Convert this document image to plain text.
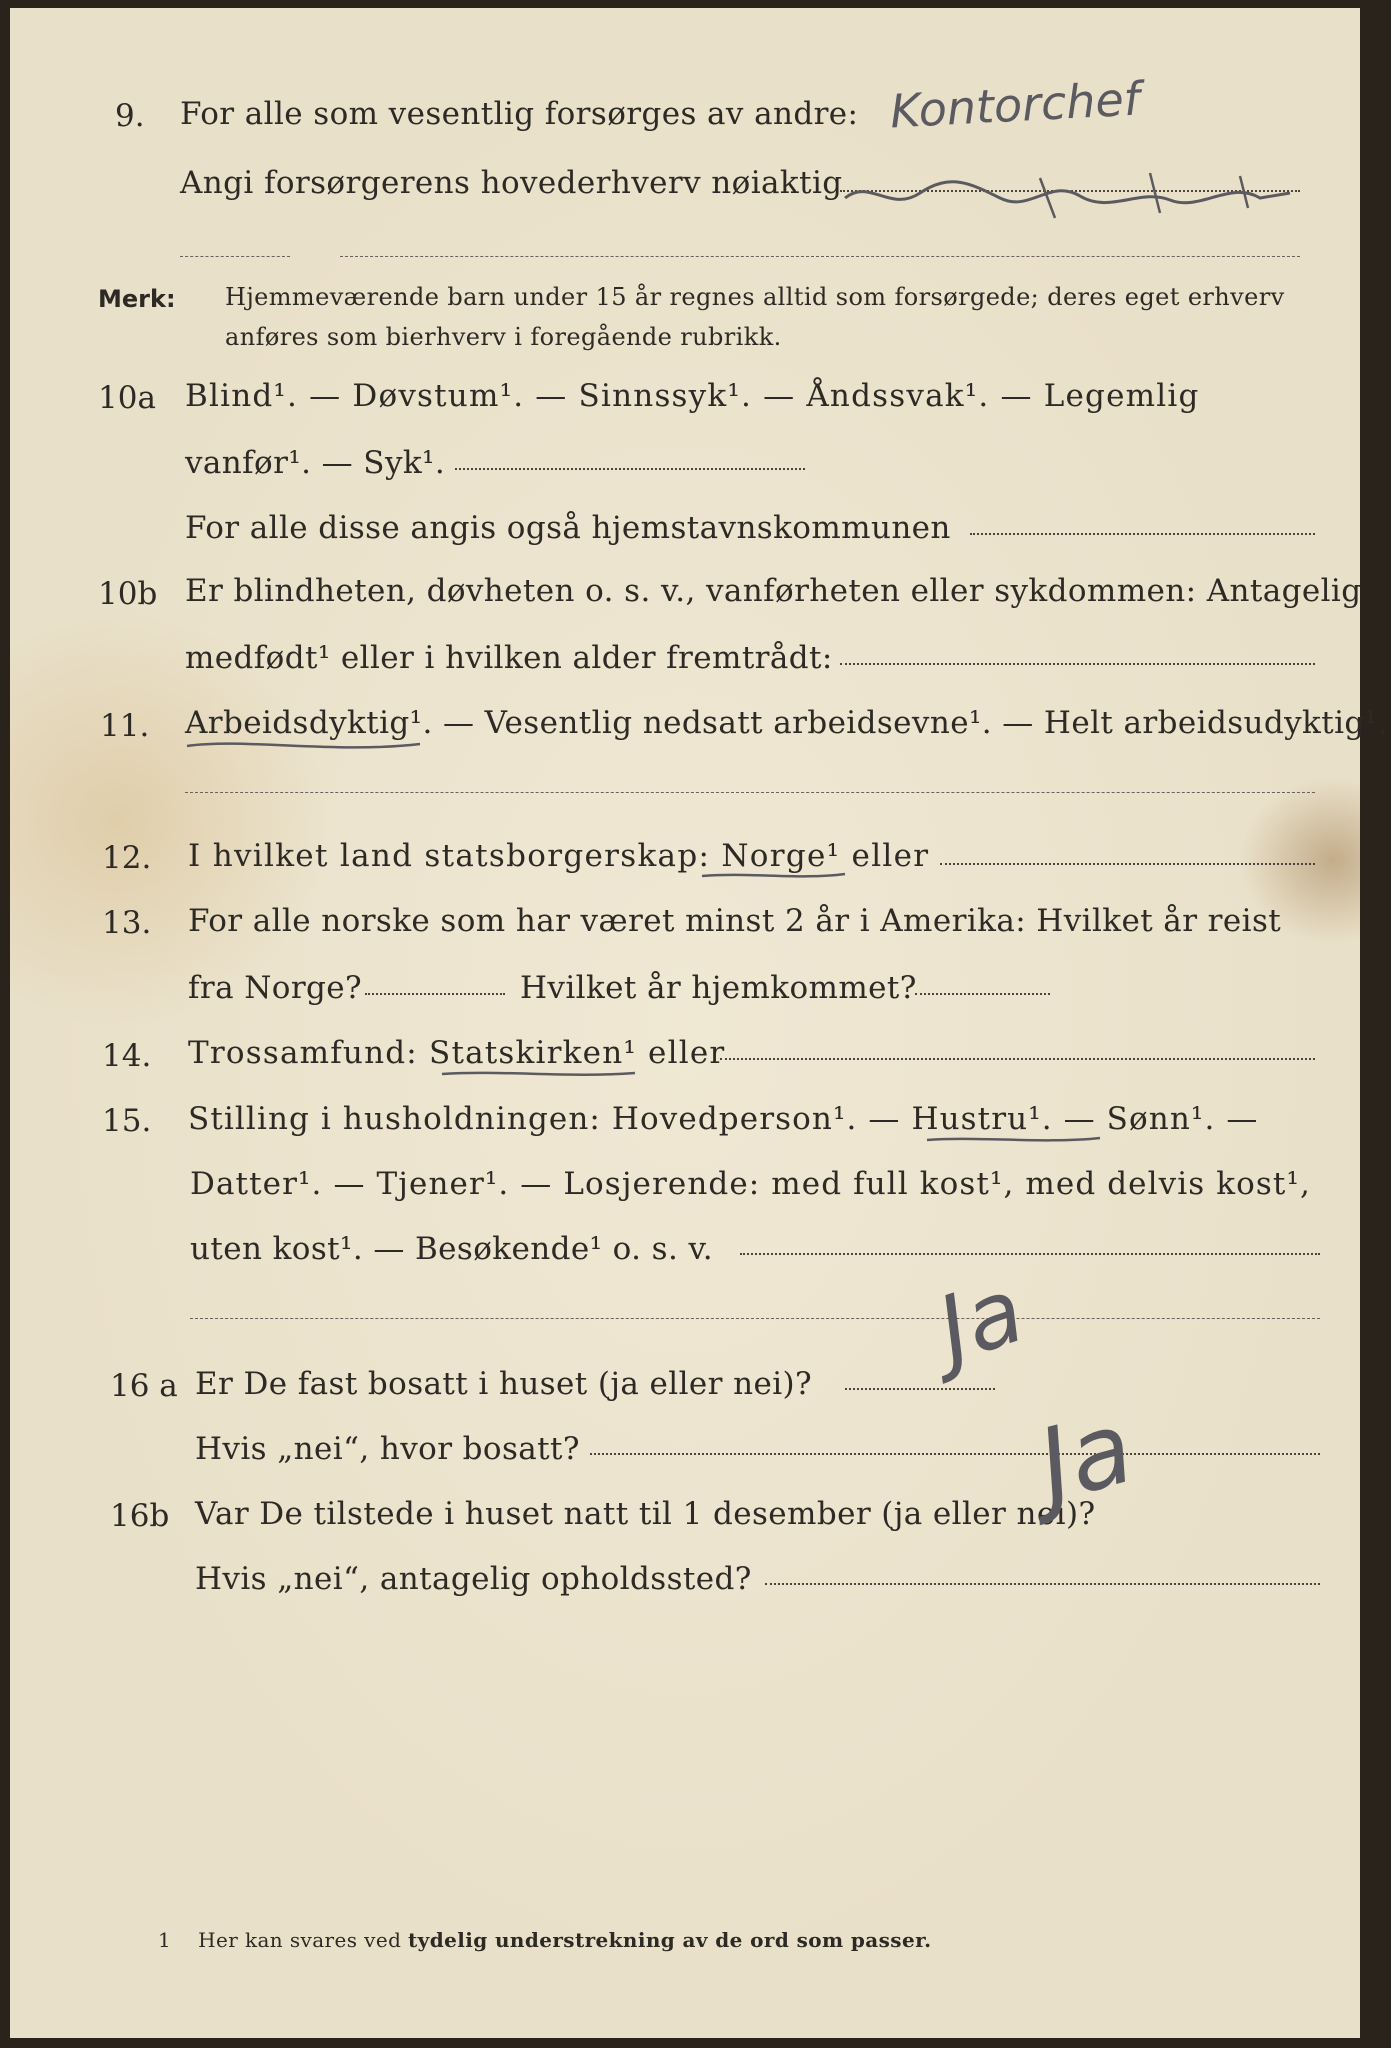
9. For alle som vesentlig forsørges av andre: Kontorchef
Angi forsørgerens hovederhverv nøiaktig
Merk: Hjemmeværende barn under 15 år regnes alltid som forsørgede; deres eget erhverv
anføres som bierhverv i foregående rubrikk.
10a Blind¹. — Døvstum¹. — Sinnssyk¹. — Åndssvak¹. — Legemlig
vanfør¹. — Syk¹.
For alle disse angis også hjemstavnskommunen
10b Er blindheten, døvheten o. s. v., vanførheten eller sykdommen: Antagelig
medfødt¹ eller i hvilken alder fremtrådt:
11. Arbeidsdyktig¹. — Vesentlig nedsatt arbeidsevne¹. — Helt arbeidsudyktig¹.
12. I hvilket land statsborgerskap: Norge¹ eller
13. For alle norske som har været minst 2 år i Amerika: Hvilket år reist
fra Norge?	Hvilket år hjemkommet?
14. Trossamfund: Statskirken¹ eller
15. Stilling i husholdningen: Hovedperson¹. — Hustru¹. — Sønn¹. —
Datter¹. — Tjener¹. — Losjerende: med full kost¹, med delvis kost¹,
uten kost¹. — Besøkende¹ o. s. v.
16 a Er De fast bosatt i huset (ja eller nei)?
Ja
Hvis „nei“, hvor bosatt?
16b Var De tilstede i huset natt til 1 desember (ja eller nei)?
Ja
Hvis „nei“, antagelig opholdssted?
1 Her kan svares ved tydelig understrekning av de ord som passer.
